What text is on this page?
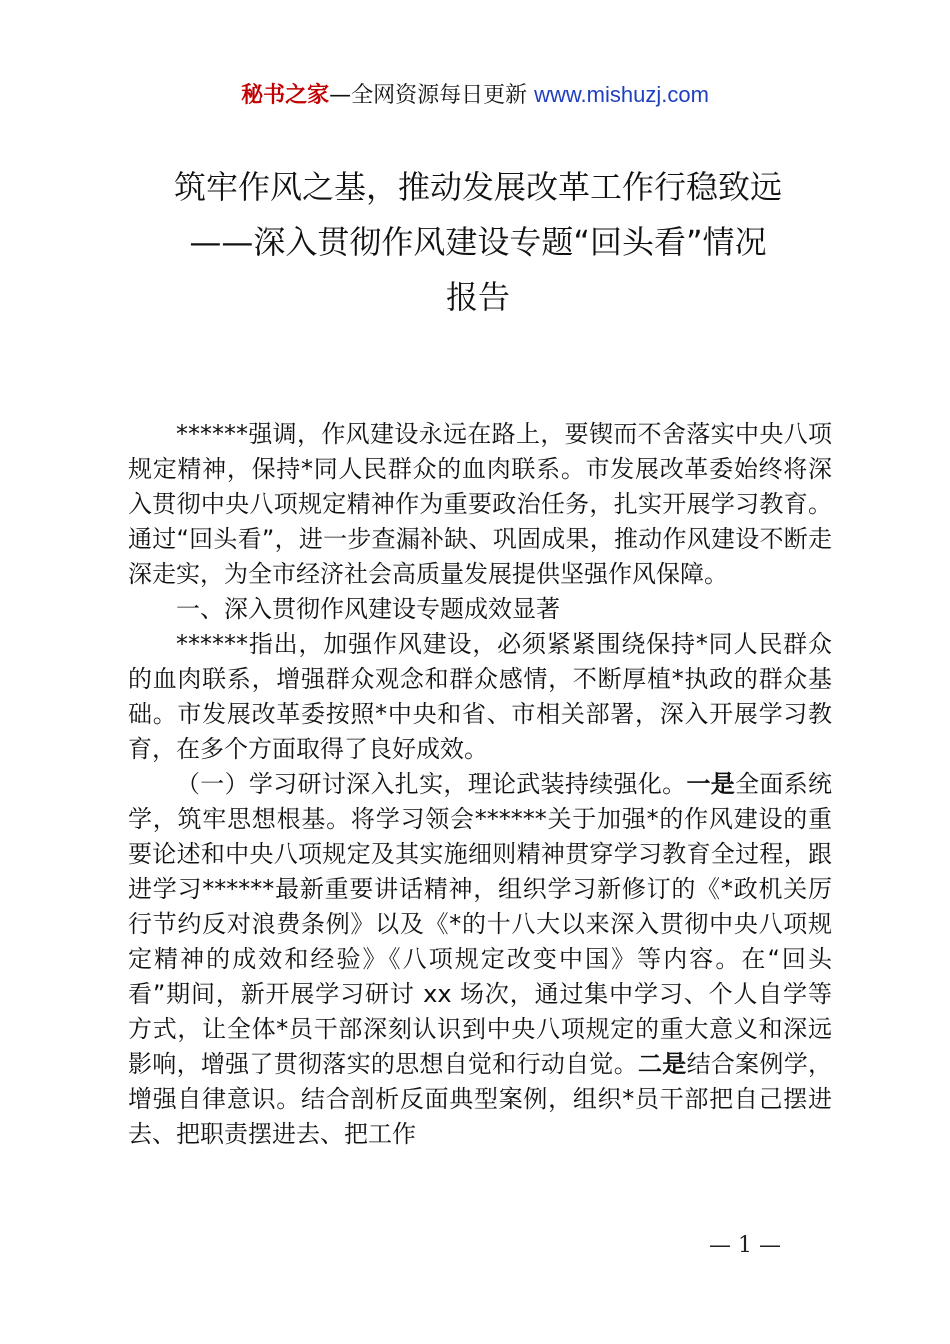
秘书之家—全网资源每日更新 www.mishuzj.com
筑牢作风之基，推动发展改革工作行稳致远
——深入贯彻作风建设专题“回头看”情况
报告

******强调，作风建设永远在路上，要锲而不舍落实中央八项规定精神，保持*同人民群众的血肉联系。市发展改革委始终将深入贯彻中央八项规定精神作为重要政治任务，扎实开展学习教育。通过“回头看”，进一步查漏补缺、巩固成果，推动作风建设不断走深走实，为全市经济社会高质量发展提供坚强作风保障。

一、深入贯彻作风建设专题成效显著

******指出，加强作风建设，必须紧紧围绕保持*同人民群众的血肉联系，增强群众观念和群众感情，不断厚植*执政的群众基础。市发展改革委按照*中央和省、市相关部署，深入开展学习教育，在多个方面取得了良好成效。

（一）学习研讨深入扎实，理论武装持续强化。一是全面系统学，筑牢思想根基。将学习领会******关于加强*的作风建设的重要论述和中央八项规定及其实施细则精神贯穿学习教育全过程，跟进学习******最新重要讲话精神，组织学习新修订的《*政机关厉行节约反对浪费条例》以及《*的十八大以来深入贯彻中央八项规定精神的成效和经验》《八项规定改变中国》等内容。在“回头看”期间，新开展学习研讨 xx 场次，通过集中学习、个人自学等方式，让全体*员干部深刻认识到中央八项规定的重大意义和深远影响，增强了贯彻落实的思想自觉和行动自觉。二是结合案例学，增强自律意识。结合剖析反面典型案例，组织*员干部把自己摆进去、把职责摆进去、把工作

— 1 —
